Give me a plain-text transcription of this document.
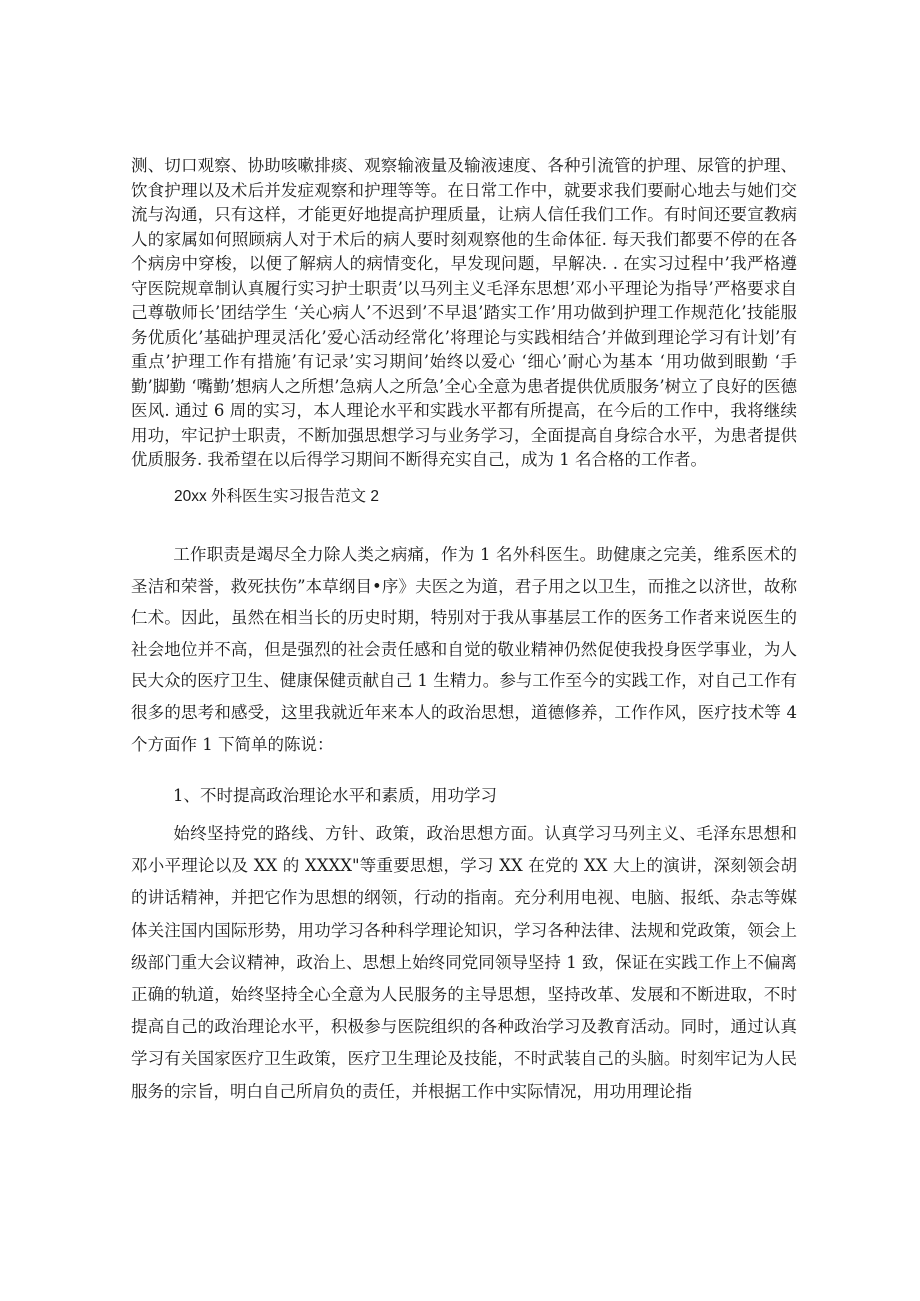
测、切口观察、协助咳嗽排痰、观察输液量及输液速度、各种引流管的护理、尿管的护理、饮食护理以及术后并发症观察和护理等等。在日常工作中，就要求我们要耐心地去与她们交流与沟通，只有这样，才能更好地提高护理质量，让病人信任我们工作。有时间还要宣教病人的家属如何照顾病人对于术后的病人要时刻观察他的生命体征. 每天我们都要不停的在各个病房中穿梭，以便了解病人的病情变化，早发现问题，早解决. . 在实习过程中’我严格遵守医院规章制认真履行实习护士职责’以马列主义毛泽东思想’邓小平理论为指导’严格要求自己尊敬师长’团结学生 ‘关心病人’不迟到’不早退’踏实工作’用功做到护理工作规范化’技能服务优质化’基础护理灵活化’爱心活动经常化’将理论与实践相结合’并做到理论学习有计划’有重点’护理工作有措施’有记录’实习期间’始终以爱心 ‘细心’耐心为基本 ‘用功做到眼勤 ‘手勤’脚勤 ‘嘴勤’想病人之所想’急病人之所急’全心全意为患者提供优质服务’树立了良好的医德医风. 通过 6 周的实习，本人理论水平和实践水平都有所提高，在今后的工作中，我将继续用功，牢记护士职责，不断加强思想学习与业务学习，全面提高自身综合水平，为患者提供优质服务. 我希望在以后得学习期间不断得充实自己，成为 1 名合格的工作者。
20xx 外科医生实习报告范文 2
工作职责是竭尽全力除人类之病痛，作为 1 名外科医生。助健康之完美，维系医术的圣洁和荣誉，救死扶伤”本草纲目•序》夫医之为道，君子用之以卫生，而推之以济世，故称仁术。因此，虽然在相当长的历史时期，特别对于我从事基层工作的医务工作者来说医生的社会地位并不高，但是强烈的社会责任感和自觉的敬业精神仍然促使我投身医学事业，为人民大众的医疗卫生、健康保健贡献自己 1 生精力。参与工作至今的实践工作，对自己工作有很多的思考和感受，这里我就近年来本人的政治思想，道德修养，工作作风，医疗技术等 4 个方面作 1 下简单的陈说：
1、不时提高政治理论水平和素质，用功学习
始终坚持党的路线、方针、政策，政治思想方面。认真学习马列主义、毛泽东思想和邓小平理论以及 XX 的 XXXX"等重要思想，学习 XX 在党的 XX 大上的演讲，深刻领会胡的讲话精神，并把它作为思想的纲领，行动的指南。充分利用电视、电脑、报纸、杂志等媒体关注国内国际形势，用功学习各种科学理论知识，学习各种法律、法规和党政策，领会上级部门重大会议精神，政治上、思想上始终同党同领导坚持 1 致，保证在实践工作上不偏离正确的轨道，始终坚持全心全意为人民服务的主导思想，坚持改革、发展和不断进取，不时提高自己的政治理论水平，积极参与医院组织的各种政治学习及教育活动。同时，通过认真学习有关国家医疗卫生政策，医疗卫生理论及技能，不时武装自己的头脑。时刻牢记为人民服务的宗旨，明白自己所肩负的责任，并根据工作中实际情况，用功用理论指
